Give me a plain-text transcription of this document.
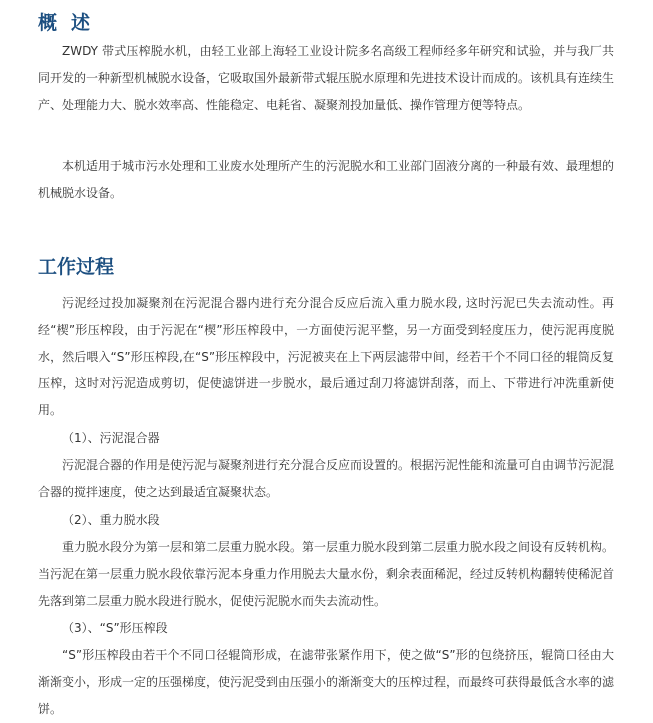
概述

ZWDY 带式压榨脱水机，由轻工业部上海轻工业设计院多名高级工程师经多年研究和试验，并与我厂共同开发的一种新型机械脱水设备，它吸取国外最新带式辊压脱水原理和先进技术设计而成的。该机具有连续生产、处理能力大、脱水效率高、性能稳定、电耗省、凝聚剂投加量低、操作管理方便等特点。

本机适用于城市污水处理和工业废水处理所产生的污泥脱水和工业部门固液分离的一种最有效、最理想的机械脱水设备。

工作过程

污泥经过投加凝聚剂在污泥混合器内进行充分混合反应后流入重力脱水段, 这时污泥已失去流动性。再经“楔”形压榨段，由于污泥在“楔”形压榨段中，一方面使污泥平整，另一方面受到轻度压力，使污泥再度脱水，然后喂入“S”形压榨段,在“S”形压榨段中，污泥被夹在上下两层滤带中间，经若干个不同口径的辊筒反复压榨，这时对污泥造成剪切，促使滤饼进一步脱水，最后通过刮刀将滤饼刮落，而上、下带进行冲洗重新使用。

（1）、污泥混合器

污泥混合器的作用是使污泥与凝聚剂进行充分混合反应而设置的。根据污泥性能和流量可自由调节污泥混合器的搅拌速度，使之达到最适宜凝聚状态。

（2）、重力脱水段

重力脱水段分为第一层和第二层重力脱水段。第一层重力脱水段到第二层重力脱水段之间设有反转机构。当污泥在第一层重力脱水段依靠污泥本身重力作用脱去大量水份，剩余表面稀泥，经过反转机构翻转使稀泥首先落到第二层重力脱水段进行脱水，促使污泥脱水而失去流动性。

（3）、“S”形压榨段

“S”形压榨段由若干个不同口径辊筒形成，在滤带张紧作用下，使之做“S”形的包绕挤压，辊筒口径由大渐渐变小，形成一定的压强梯度，使污泥受到由压强小的渐渐变大的压榨过程，而最终可获得最低含水率的滤饼。
